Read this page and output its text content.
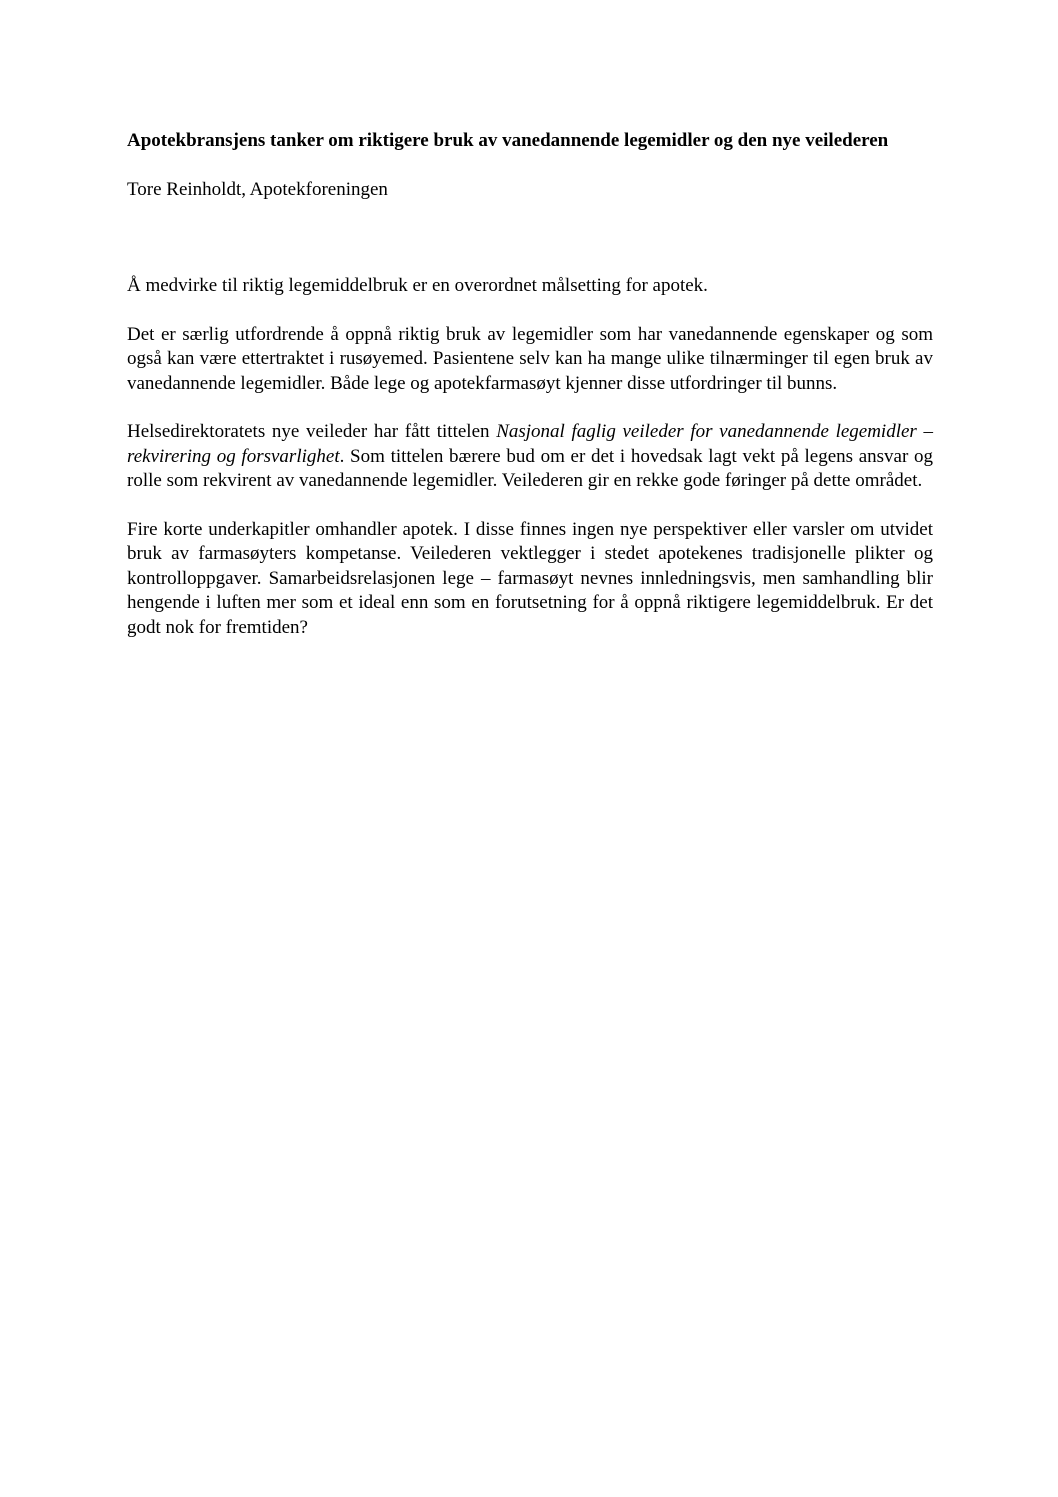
Apotekbransjens tanker om riktigere bruk av vanedannende legemidler og den nye veilederen

Tore Reinholdt, Apotekforeningen

Å medvirke til riktig legemiddelbruk er en overordnet målsetting for apotek.

Det er særlig utfordrende å oppnå riktig bruk av legemidler som har vanedannende egenskaper og som også kan være ettertraktet i rusøyemed. Pasientene selv kan ha mange ulike tilnærminger til egen bruk av vanedannende legemidler. Både lege og apotekfarmasøyt kjenner disse utfordringer til bunns.

Helsedirektoratets nye veileder har fått tittelen Nasjonal faglig veileder for vanedannende legemidler – rekvirering og forsvarlighet. Som tittelen bærere bud om er det i hovedsak lagt vekt på legens ansvar og rolle som rekvirent av vanedannende legemidler. Veilederen gir en rekke gode føringer på dette området.

Fire korte underkapitler omhandler apotek. I disse finnes ingen nye perspektiver eller varsler om utvidet bruk av farmasøyters kompetanse. Veilederen vektlegger i stedet apotekenes tradisjonelle plikter og kontrolloppgaver. Samarbeidsrelasjonen lege – farmasøyt nevnes innledningsvis, men samhandling blir hengende i luften mer som et ideal enn som en forutsetning for å oppnå riktigere legemiddelbruk. Er det godt nok for fremtiden?
